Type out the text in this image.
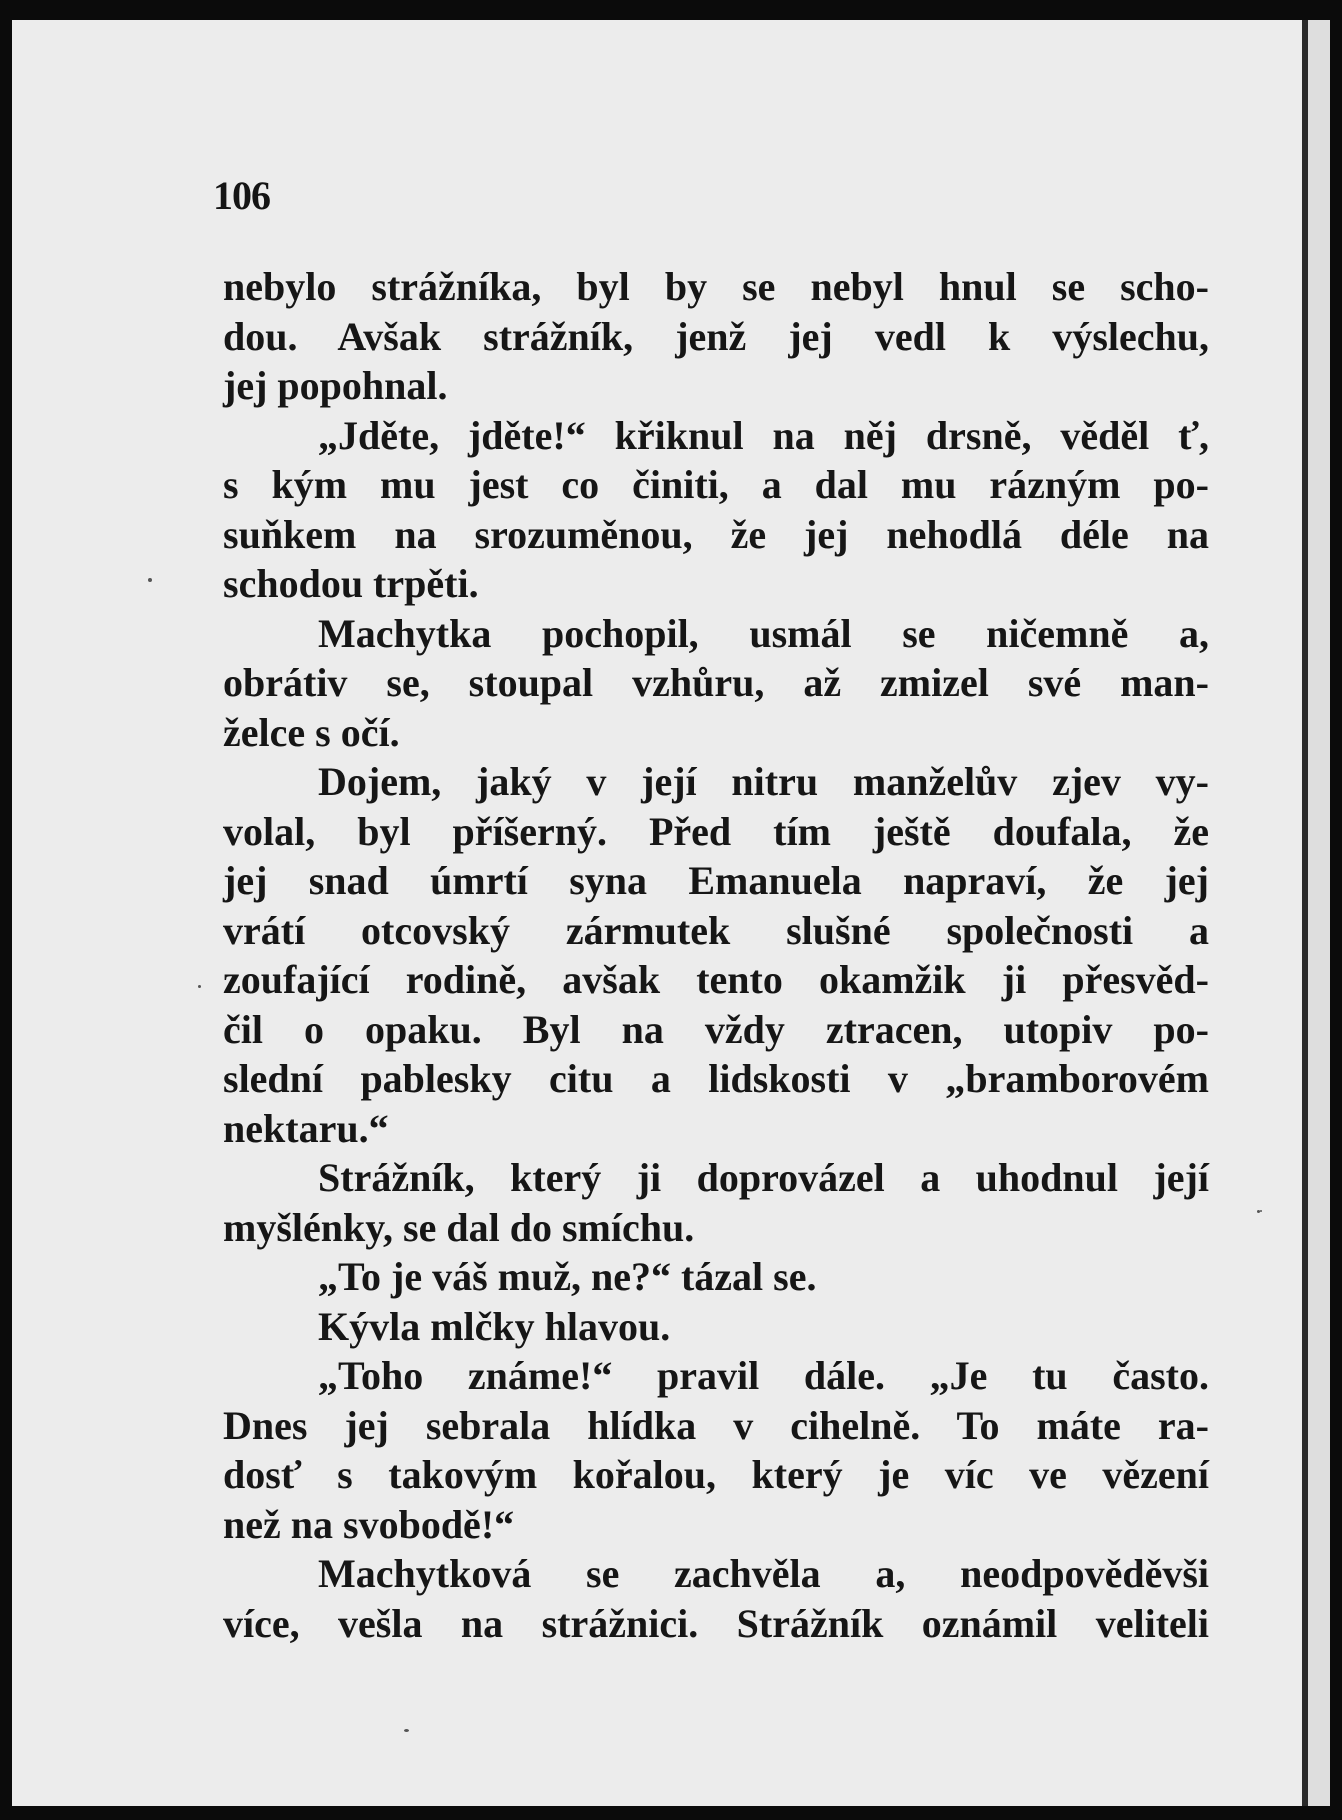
106
nebylo strážníka, byl by se nebyl hnul se scho-
dou. Avšak strážník, jenž jej vedl k výslechu,
jej popohnal.
„Jděte, jděte!“ křiknul na něj drsně, věděl ť,
s kým mu jest co činiti, a dal mu rázným po-
suňkem na srozuměnou, že jej nehodlá déle na
schodou trpěti.
Machytka pochopil, usmál se ničemně a,
obrátiv se, stoupal vzhůru, až zmizel své man-
želce s očí.
Dojem, jaký v její nitru manželův zjev vy-
volal, byl příšerný. Před tím ještě doufala, že
jej snad úmrtí syna Emanuela napraví, že jej
vrátí otcovský zármutek slušné společnosti a
zoufající rodině, avšak tento okamžik ji přesvěd-
čil o opaku. Byl na vždy ztracen, utopiv po-
slední pablesky citu a lidskosti v „bramborovém
nektaru.“
Strážník, který ji doprovázel a uhodnul její
myšlénky, se dal do smíchu.
„To je váš muž, ne?“ tázal se.
Kývla mlčky hlavou.
„Toho známe!“ pravil dále. „Je tu často.
Dnes jej sebrala hlídka v cihelně. To máte ra-
dosť s takovým kořalou, který je víc ve vězení
než na svobodě!“
Machytková se zachvěla a, neodpověděvši
více, vešla na strážnici. Strážník oznámil veliteli
